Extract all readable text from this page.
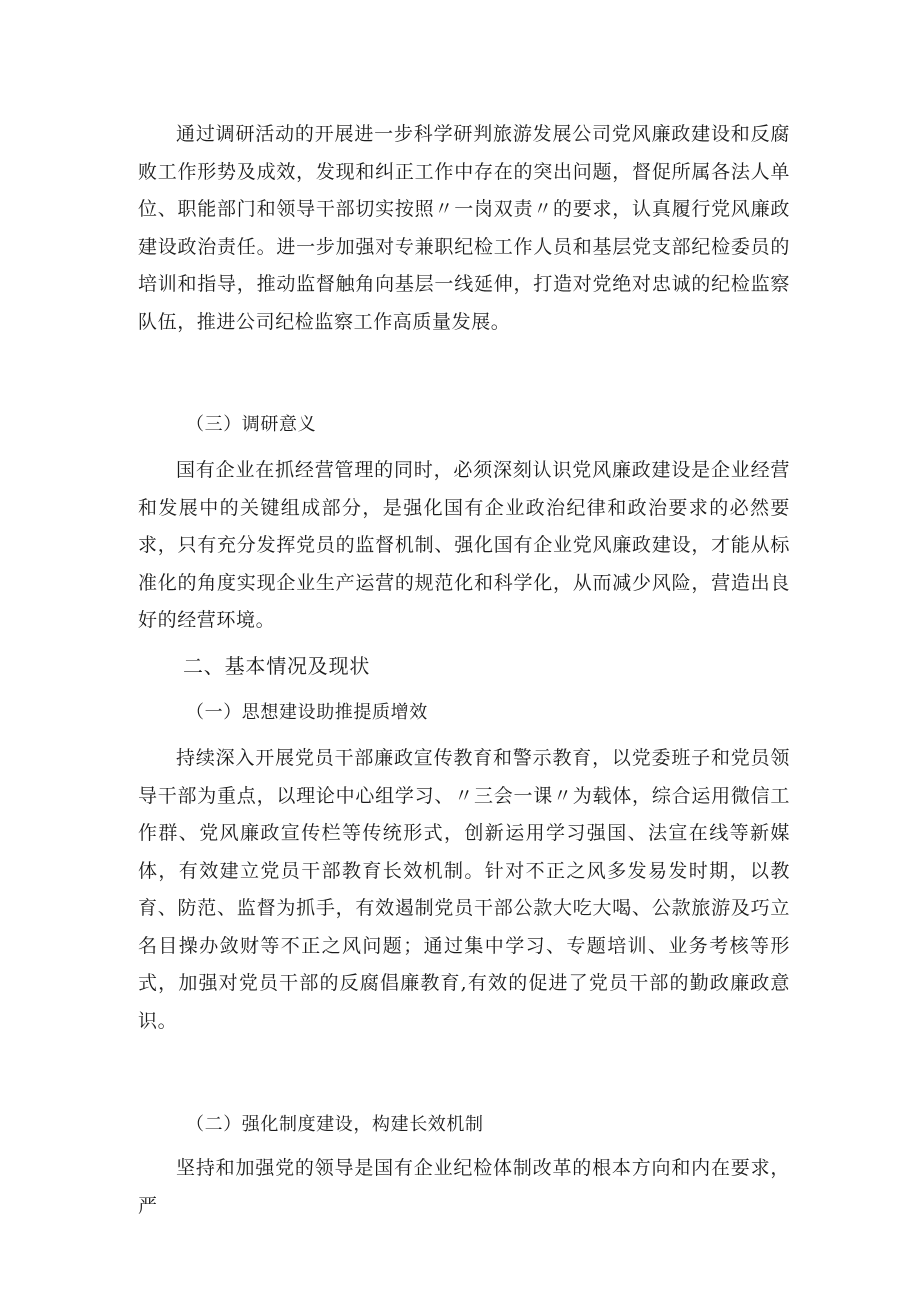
通过调研活动的开展进一步科学研判旅游发展公司党风廉政建设和反腐败工作形势及成效，发现和纠正工作中存在的突出问题，督促所属各法人单位、职能部门和领导干部切实按照〃一岗双责〃的要求，认真履行党风廉政建设政治责任。进一步加强对专兼职纪检工作人员和基层党支部纪检委员的培训和指导，推动监督触角向基层一线延伸，打造对党绝对忠诚的纪检监察队伍，推进公司纪检监察工作高质量发展。

（三）调研意义

国有企业在抓经营管理的同时，必须深刻认识党风廉政建设是企业经营和发展中的关键组成部分，是强化国有企业政治纪律和政治要求的必然要求，只有充分发挥党员的监督机制、强化国有企业党风廉政建设，才能从标准化的角度实现企业生产运营的规范化和科学化，从而减少风险，营造出良好的经营环境。

二、基本情况及现状

（一）思想建设助推提质增效

持续深入开展党员干部廉政宣传教育和警示教育，以党委班子和党员领导干部为重点，以理论中心组学习、〃三会一课〃为载体，综合运用微信工作群、党风廉政宣传栏等传统形式，创新运用学习强国、法宣在线等新媒体，有效建立党员干部教育长效机制。针对不正之风多发易发时期，以教育、防范、监督为抓手，有效遏制党员干部公款大吃大喝、公款旅游及巧立名目操办敛财等不正之风问题；通过集中学习、专题培训、业务考核等形式，加强对党员干部的反腐倡廉教育,有效的促进了党员干部的勤政廉政意识。

（二）强化制度建设，构建长效机制

坚持和加强党的领导是国有企业纪检体制改革的根本方向和内在要求，严
